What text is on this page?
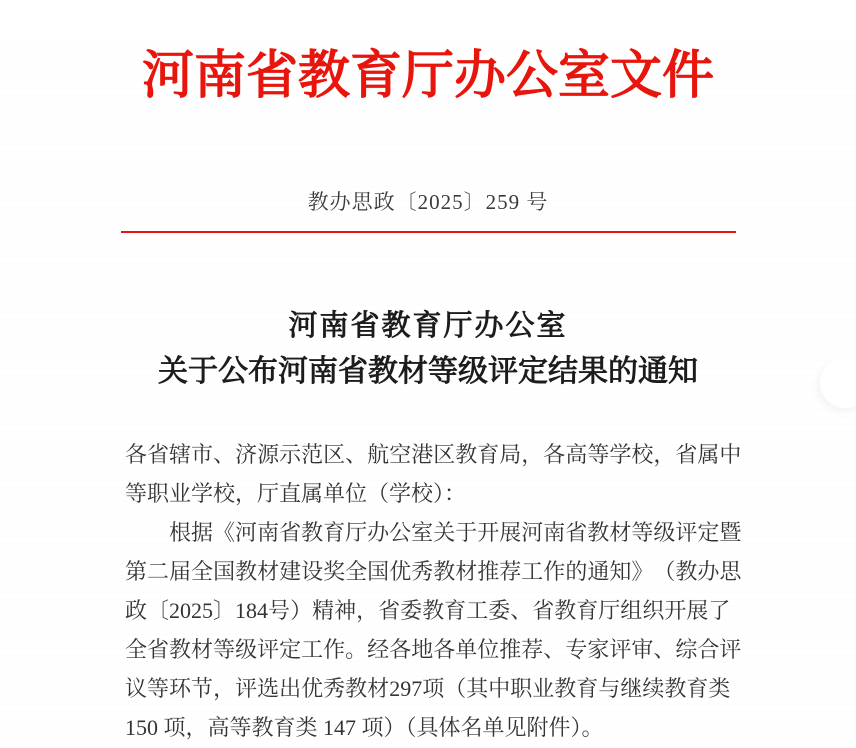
河南省教育厅办公室文件
教办思政〔2025〕259 号
河南省教育厅办公室
关于公布河南省教材等级评定结果的通知
各 省 辖 市 、 济 源 示 范 区 、 航 空 港 区 教 育 局 ， 各 高 等 学 校 ， 省 属 中
等职业学校，厅直属单位（学校）：
根 据 《 河 南 省 教 育 厅 办 公 室 关 于 开 展 河 南 省 教 材 等 级 评 定 暨
第 二 届 全 国 教 材 建 设 奖 全 国 优 秀 教 材 推 荐 工 作 的 通 知 》 （ 教 办 思
政 〔 2 0 2 5 〕 1 8 4 号 ） 精 神 ， 省 委 教 育 工 委 、 省 教 育 厅 组 织 开 展 了
全 省 教 材 等 级 评 定 工 作 。 经 各 地 各 单 位 推 荐 、 专 家 评 审 、 综 合 评
议 等 环 节 ， 评 选 出 优 秀 教 材 2 9 7 项 （ 其 中 职 业 教 育 与 继 续 教 育 类
150 项，高等教育类 147 项）（具体名单见附件）。
